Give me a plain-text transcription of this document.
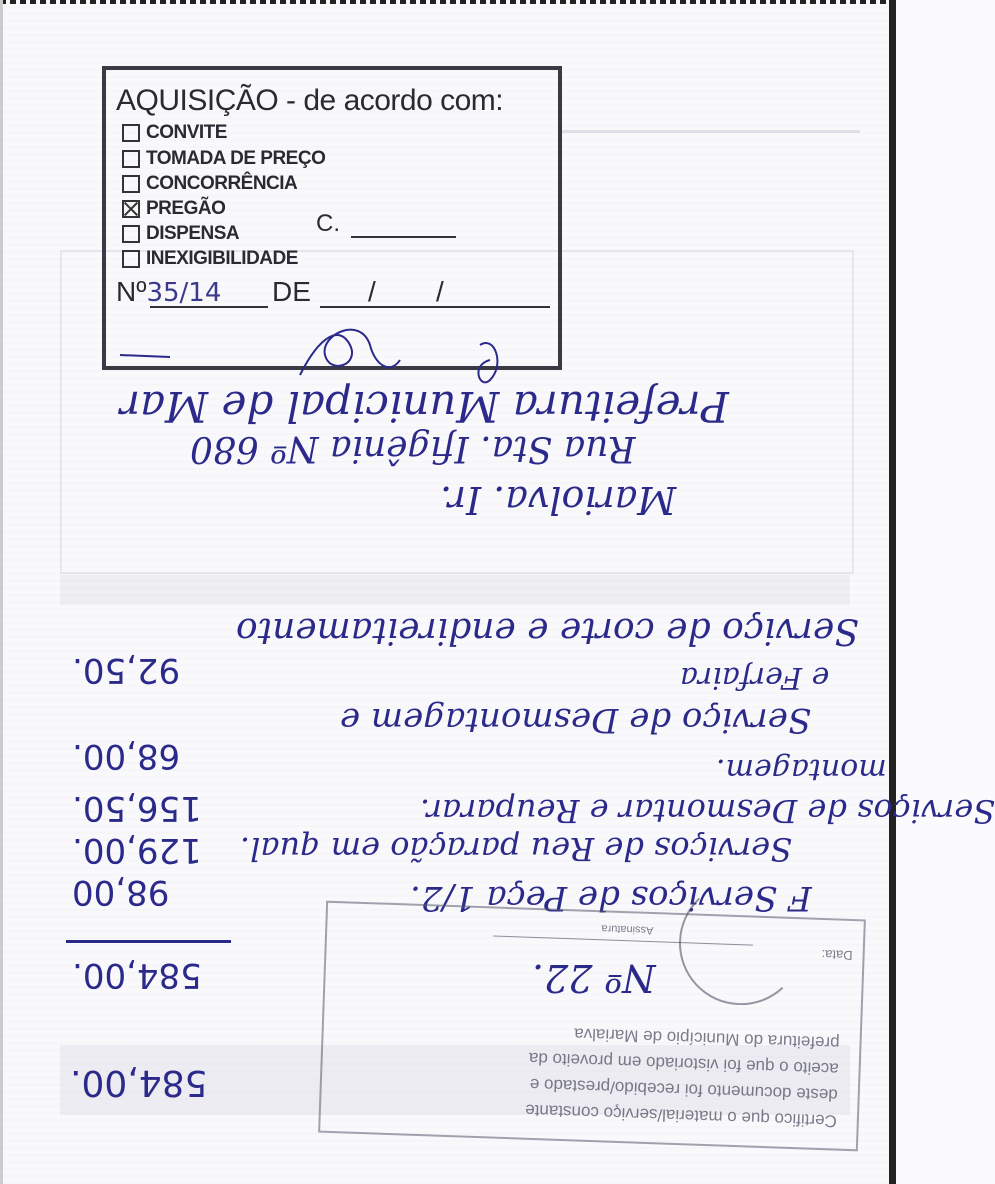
AQUISIÇÃO - de acordo com:
CONVITE
TOMADA DE PREÇO
CONCORRÊNCIA
PREGÃO
DISPENSA
INEXIGIBILIDADE
C.
Nº35/14 DE / /
Prefeitura Municipal de Mar
Rua Sta. Ifigênia Nº 680
Mariolva. Ir.
Serviço de corte e endireitamento
e Ferfaira
92,50.
Serviço de Desmontagem e
68,00.	montagem.
Serviços de Desmontar e Reuparar.
156,50.
Serviços de Reu paração em qual.
129,00.
F Serviços de Peça 1/2.
98,00
584,00.	Nº 22.
584,00.
Certifico que o material/serviço constante
deste documento foi recebido/prestado e
aceito o que foi vistoriado em proveito da
prefeitura do Município de Marialva
Data:
Assinatura
